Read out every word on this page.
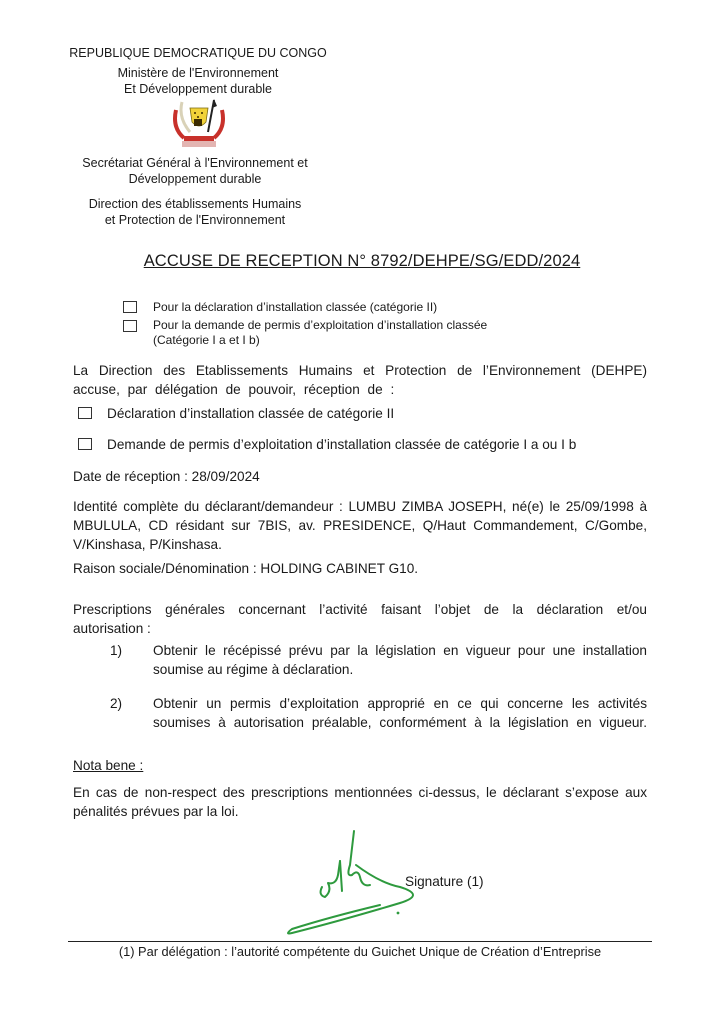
REPUBLIQUE DEMOCRATIQUE DU CONGO
Ministère de l'Environnement
Et Développement durable
Secrétariat Général à l'Environnement et
Développement durable
Direction des établissements Humains
et Protection de l'Environnement
ACCUSE DE RECEPTION N° 8792/DEHPE/SG/EDD/2024
Pour la déclaration d’installation classée (catégorie II)
Pour la demande de permis d’exploitation d’installation classée
(Catégorie I a et I b)
La Direction des Etablissements Humains et Protection de l’Environnement (DEHPE)
accuse, par délégation de pouvoir, réception de :
Déclaration d’installation classée de catégorie II
Demande de permis d’exploitation d’installation classée de catégorie I a ou I b
Date de réception : 28/09/2024
Identité complète du déclarant/demandeur : LUMBU ZIMBA JOSEPH, né(e) le 25/09/1998 à
MBULULA, CD résidant sur 7BIS, av. PRESIDENCE, Q/Haut Commandement, C/Gombe,
V/Kinshasa, P/Kinshasa.
Raison sociale/Dénomination : HOLDING CABINET G10.
Prescriptions générales concernant l’activité faisant l’objet de la déclaration et/ou
autorisation :
1) Obtenir le récépissé prévu par la législation en vigueur pour une installation
soumise au régime à déclaration.
2) Obtenir un permis d’exploitation approprié en ce qui concerne les activités
soumises à autorisation préalable, conformément à la législation en vigueur.
Nota bene :
En cas de non-respect des prescriptions mentionnées ci-dessus, le déclarant s’expose aux
pénalités prévues par la loi.
Signature (1)
(1) Par délégation : l’autorité compétente du Guichet Unique de Création d’Entreprise
